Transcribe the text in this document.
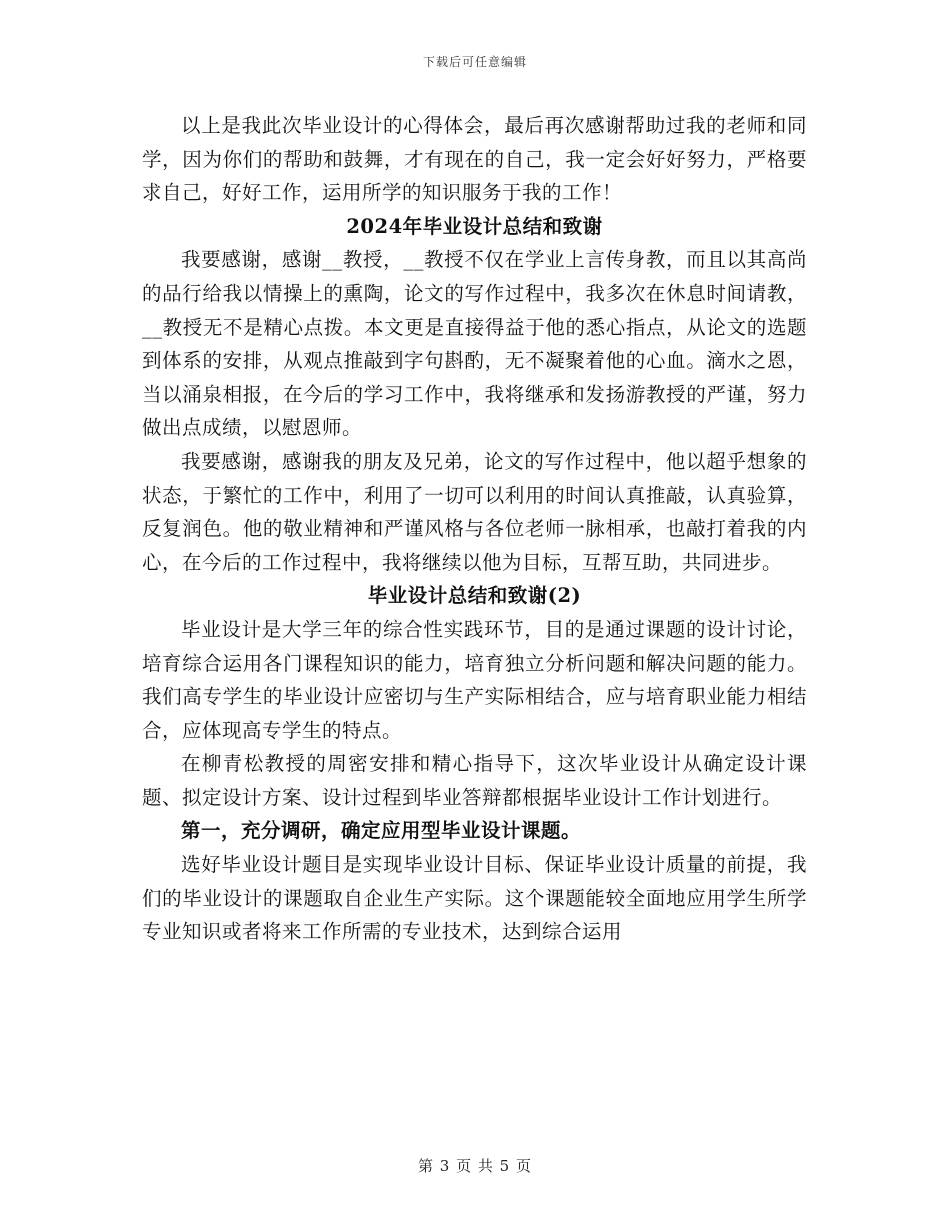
下载后可任意编辑

以上是我此次毕业设计的心得体会，最后再次感谢帮助过我的老师和同学，因为你们的帮助和鼓舞，才有现在的自己，我一定会好好努力，严格要求自己，好好工作，运用所学的知识服务于我的工作！

2024年毕业设计总结和致谢

我要感谢，感谢__教授，__教授不仅在学业上言传身教，而且以其高尚的品行给我以情操上的熏陶，论文的写作过程中，我多次在休息时间请教，__教授无不是精心点拨。本文更是直接得益于他的悉心指点，从论文的选题到体系的安排，从观点推敲到字句斟酌，无不凝聚着他的心血。滴水之恩，当以涌泉相报，在今后的学习工作中，我将继承和发扬游教授的严谨，努力做出点成绩，以慰恩师。

我要感谢，感谢我的朋友及兄弟，论文的写作过程中，他以超乎想象的状态，于繁忙的工作中，利用了一切可以利用的时间认真推敲，认真验算，反复润色。他的敬业精神和严谨风格与各位老师一脉相承，也敲打着我的内心，在今后的工作过程中，我将继续以他为目标，互帮互助，共同进步。

毕业设计总结和致谢(2)

毕业设计是大学三年的综合性实践环节，目的是通过课题的设计讨论，培育综合运用各门课程知识的能力，培育独立分析问题和解决问题的能力。我们高专学生的毕业设计应密切与生产实际相结合，应与培育职业能力相结合，应体现高专学生的特点。

在柳青松教授的周密安排和精心指导下，这次毕业设计从确定设计课题、拟定设计方案、设计过程到毕业答辩都根据毕业设计工作计划进行。

第一，充分调研，确定应用型毕业设计课题。

选好毕业设计题目是实现毕业设计目标、保证毕业设计质量的前提，我们的毕业设计的课题取自企业生产实际。这个课题能较全面地应用学生所学专业知识或者将来工作所需的专业技术，达到综合运用

第 3 页 共 5 页
